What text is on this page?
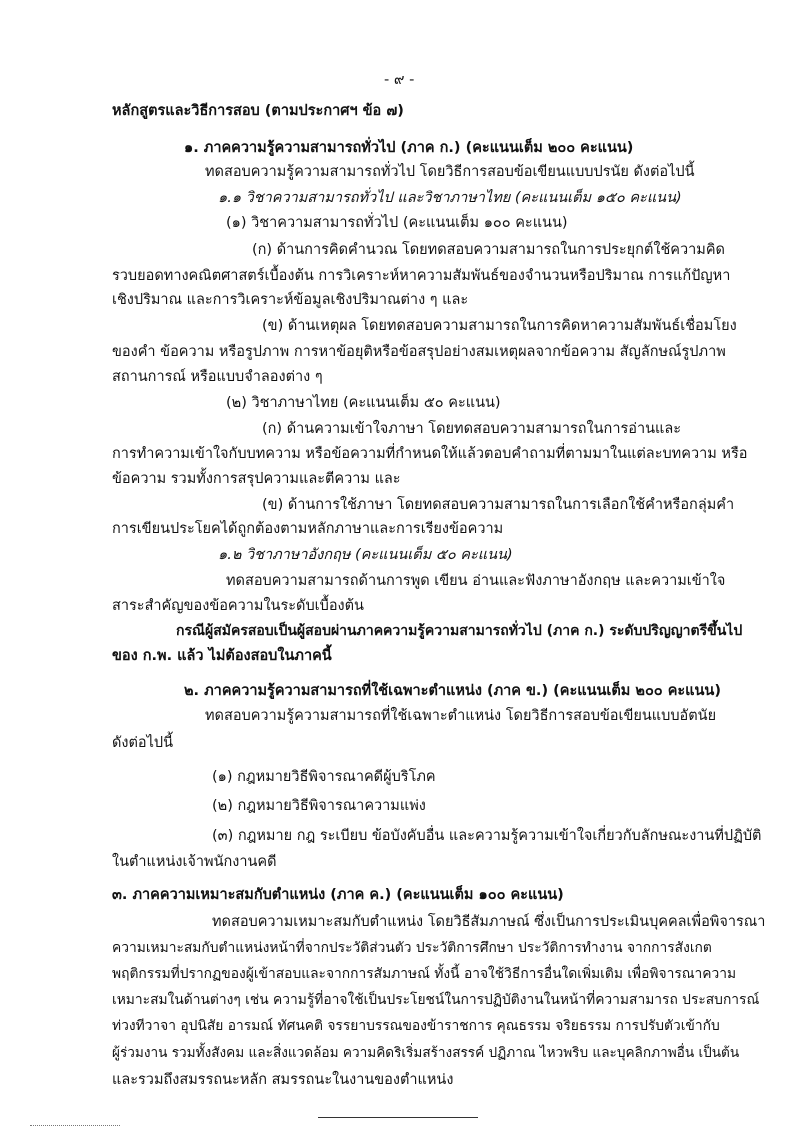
- ๙ -
หลักสูตรและวิธีการสอบ (ตามประกาศฯ ข้อ ๗)
๑. ภาคความรู้ความสามารถทั่วไป (ภาค ก.) (คะแนนเต็ม ๒๐๐ คะแนน)
ทดสอบความรู้ความสามารถทั่วไป โดยวิธีการสอบข้อเขียนแบบปรนัย ดังต่อไปนี้
๑.๑ วิชาความสามารถทั่วไป และวิชาภาษาไทย (คะแนนเต็ม ๑๕๐ คะแนน)
(๑) วิชาความสามารถทั่วไป (คะแนนเต็ม ๑๐๐ คะแนน)
(ก) ด้านการคิดคำนวณ โดยทดสอบความสามารถในการประยุกต์ใช้ความคิด
รวบยอดทางคณิตศาสตร์เบื้องต้น การวิเคราะห์หาความสัมพันธ์ของจำนวนหรือปริมาณ การแก้ปัญหา
เชิงปริมาณ และการวิเคราะห์ข้อมูลเชิงปริมาณต่าง ๆ และ
(ข) ด้านเหตุผล โดยทดสอบความสามารถในการคิดหาความสัมพันธ์เชื่อมโยง
ของคำ ข้อความ หรือรูปภาพ การหาข้อยุติหรือข้อสรุปอย่างสมเหตุผลจากข้อความ สัญลักษณ์รูปภาพ
สถานการณ์ หรือแบบจำลองต่าง ๆ
(๒) วิชาภาษาไทย (คะแนนเต็ม ๕๐ คะแนน)
(ก) ด้านความเข้าใจภาษา โดยทดสอบความสามารถในการอ่านและ
การทำความเข้าใจกับบทความ หรือข้อความที่กำหนดให้แล้วตอบคำถามที่ตามมาในแต่ละบทความ หรือ
ข้อความ รวมทั้งการสรุปความและตีความ และ
(ข) ด้านการใช้ภาษา โดยทดสอบความสามารถในการเลือกใช้คำหรือกลุ่มคำ
การเขียนประโยคได้ถูกต้องตามหลักภาษาและการเรียงข้อความ
๑.๒ วิชาภาษาอังกฤษ (คะแนนเต็ม ๕๐ คะแนน)
ทดสอบความสามารถด้านการพูด เขียน อ่านและฟังภาษาอังกฤษ และความเข้าใจ
สาระสำคัญของข้อความในระดับเบื้องต้น
กรณีผู้สมัครสอบเป็นผู้สอบผ่านภาคความรู้ความสามารถทั่วไป (ภาค ก.) ระดับปริญญาตรีขึ้นไป
ของ ก.พ. แล้ว ไม่ต้องสอบในภาคนี้
๒. ภาคความรู้ความสามารถที่ใช้เฉพาะตำแหน่ง (ภาค ข.) (คะแนนเต็ม ๒๐๐ คะแนน)
ทดสอบความรู้ความสามารถที่ใช้เฉพาะตำแหน่ง โดยวิธีการสอบข้อเขียนแบบอัตนัย
ดังต่อไปนี้
(๑) กฎหมายวิธีพิจารณาคดีผู้บริโภค
(๒) กฎหมายวิธีพิจารณาความแพ่ง
(๓) กฎหมาย กฎ ระเบียบ ข้อบังคับอื่น และความรู้ความเข้าใจเกี่ยวกับลักษณะงานที่ปฏิบัติ
ในตำแหน่งเจ้าพนักงานคดี
๓. ภาคความเหมาะสมกับตำแหน่ง (ภาค ค.) (คะแนนเต็ม ๑๐๐ คะแนน)
ทดสอบความเหมาะสมกับตำแหน่ง โดยวิธีสัมภาษณ์ ซึ่งเป็นการประเมินบุคคลเพื่อพิจารณา
ความเหมาะสมกับตำแหน่งหน้าที่จากประวัติส่วนตัว ประวัติการศึกษา ประวัติการทำงาน จากการสังเกต
พฤติกรรมที่ปรากฏของผู้เข้าสอบและจากการสัมภาษณ์ ทั้งนี้ อาจใช้วิธีการอื่นใดเพิ่มเติม เพื่อพิจารณาความ
เหมาะสมในด้านต่างๆ เช่น ความรู้ที่อาจใช้เป็นประโยชน์ในการปฏิบัติงานในหน้าที่ความสามารถ ประสบการณ์
ท่วงทีวาจา อุปนิสัย อารมณ์ ทัศนคติ จรรยาบรรณของข้าราชการ คุณธรรม จริยธรรม การปรับตัวเข้ากับ
ผู้ร่วมงาน รวมทั้งสังคม และสิ่งแวดล้อม ความคิดริเริ่มสร้างสรรค์ ปฏิภาณ ไหวพริบ และบุคลิกภาพอื่น เป็นต้น
และรวมถึงสมรรถนะหลัก สมรรถนะในงานของตำแหน่ง
